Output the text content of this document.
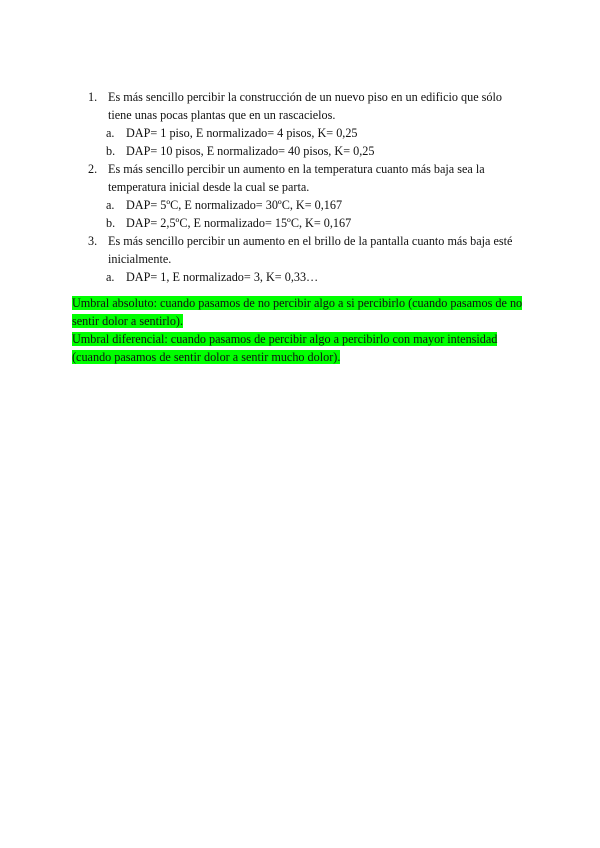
1. Es más sencillo percibir la construcción de un nuevo piso en un edificio que sólo tiene unas pocas plantas que en un rascacielos.
a. DAP= 1 piso, E normalizado= 4 pisos, K= 0,25
b. DAP= 10 pisos, E normalizado= 40 pisos, K= 0,25
2. Es más sencillo percibir un aumento en la temperatura cuanto más baja sea la temperatura inicial desde la cual se parta.
a. DAP= 5ºC, E normalizado= 30ºC, K= 0,167
b. DAP= 2,5ºC, E normalizado= 15ºC, K= 0,167
3. Es más sencillo percibir un aumento en el brillo de la pantalla cuanto más baja esté inicialmente.
a. DAP= 1, E normalizado= 3, K= 0,33…

Umbral absoluto: cuando pasamos de no percibir algo a si percibirlo (cuando pasamos de no sentir dolor a sentirlo).

Umbral diferencial: cuando pasamos de percibir algo a percibirlo con mayor intensidad (cuando pasamos de sentir dolor a sentir mucho dolor).
